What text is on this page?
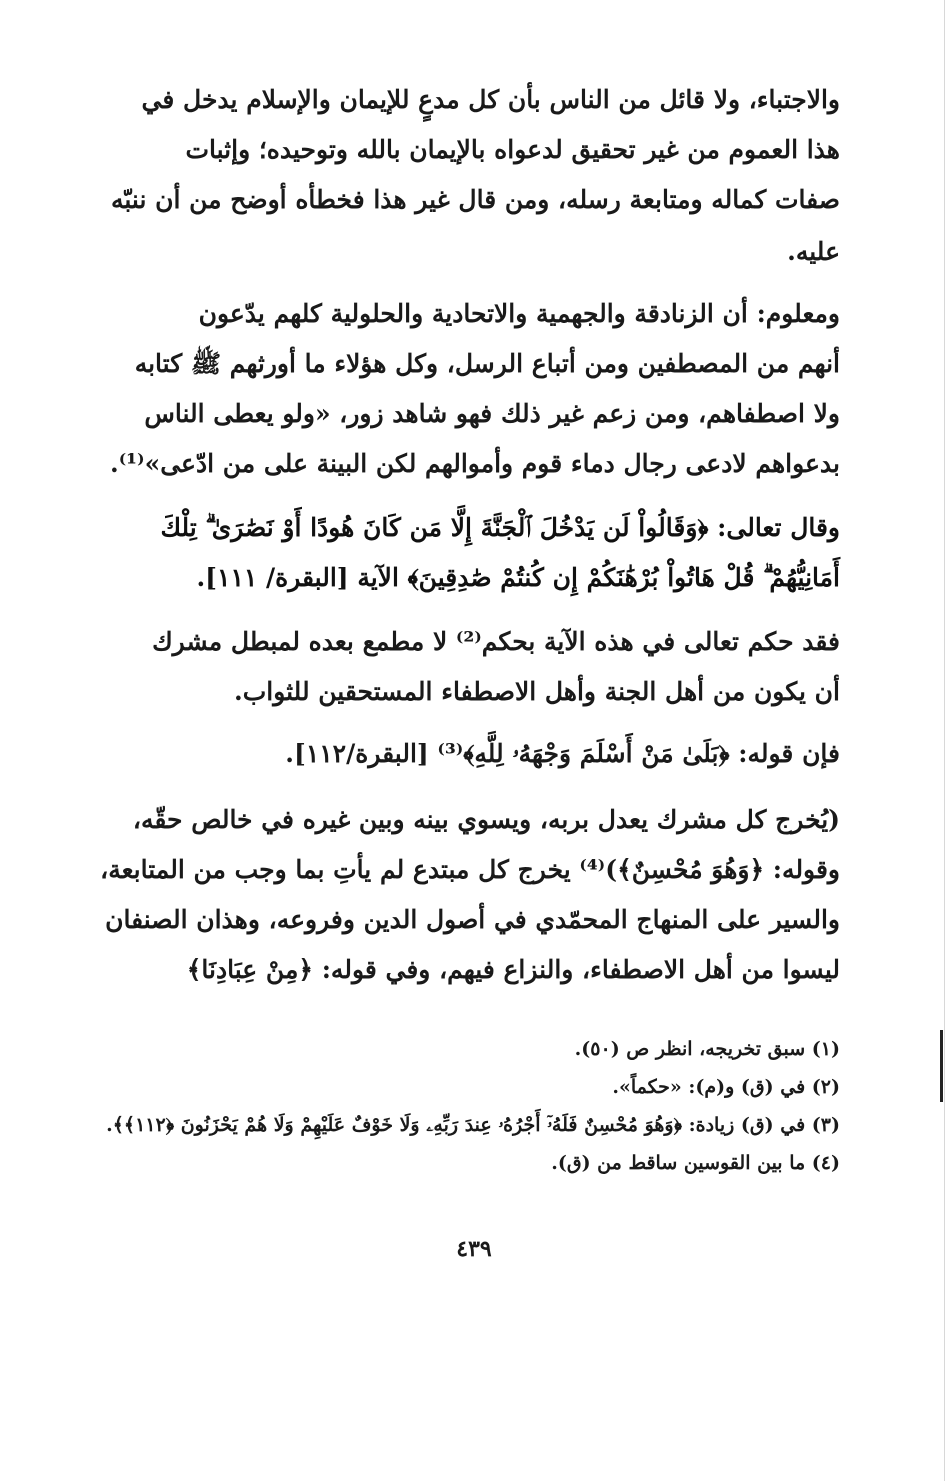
والاجتباء، ولا قائل من الناس بأن كل مدعٍ للإيمان والإسلام يدخل في
هذا العموم من غير تحقيق لدعواه بالإيمان بالله وتوحيده؛ وإثبات
صفات كماله ومتابعة رسله، ومن قال غير هذا فخطأه أوضح من أن ننبّه
عليه.
ومعلوم: أن الزنادقة والجهمية والاتحادية والحلولية كلهم يدّعون
أنهم من المصطفين ومن أتباع الرسل، وكل هؤلاء ما أورثهم ﷺ كتابه
ولا اصطفاهم، ومن زعم غير ذلك فهو شاهد زور، «ولو يعطى الناس
بدعواهم لادعى رجال دماء قوم وأموالهم لكن البينة على من ادّعى»⁽¹⁾.
وقال تعالى: ﴿وَقَالُواْ لَن يَدْخُلَ ٱلْجَنَّةَ إِلَّا مَن كَانَ هُودًا أَوْ نَصَٰرَىٰ ۗ تِلْكَ
أَمَانِيُّهُمْ ۗ قُلْ هَاتُواْ بُرْهَٰنَكُمْ إِن كُنتُمْ صَٰدِقِينَ﴾ الآية [البقرة/ ١١١].
فقد حكم تعالى في هذه الآية بحكم⁽²⁾ لا مطمع بعده لمبطل مشرك
أن يكون من أهل الجنة وأهل الاصطفاء المستحقين للثواب.
فإن قوله: ﴿بَلَىٰ مَنْ أَسْلَمَ وَجْهَهُۥ لِلَّهِ﴾⁽³⁾ [البقرة/١١٢].
(يُخرج كل مشرك يعدل بربه، ويسوي بينه وبين غيره في خالص حقّه،
وقوله: ﴿وَهُوَ مُحْسِنٌ﴾)⁽⁴⁾ يخرج كل مبتدع لم يأتِ بما وجب من المتابعة،
والسير على المنهاج المحمّدي في أصول الدين وفروعه، وهذان الصنفان
ليسوا من أهل الاصطفاء، والنزاع فيهم، وفي قوله: ﴿مِنْ عِبَادِنَا﴾
(١) سبق تخريجه، انظر ص (٥٠).
(٢) في (ق) و(م): «حكماً».
(٣) في (ق) زيادة: ﴿وَهُوَ مُحْسِنٌ فَلَهُۥٓ أَجْرُهُۥ عِندَ رَبِّهِۦ وَلَا خَوْفٌ عَلَيْهِمْ وَلَا هُمْ يَحْزَنُونَ ﴿١١٢﴾﴾.
(٤) ما بين القوسين ساقط من (ق).
٤٣٩
